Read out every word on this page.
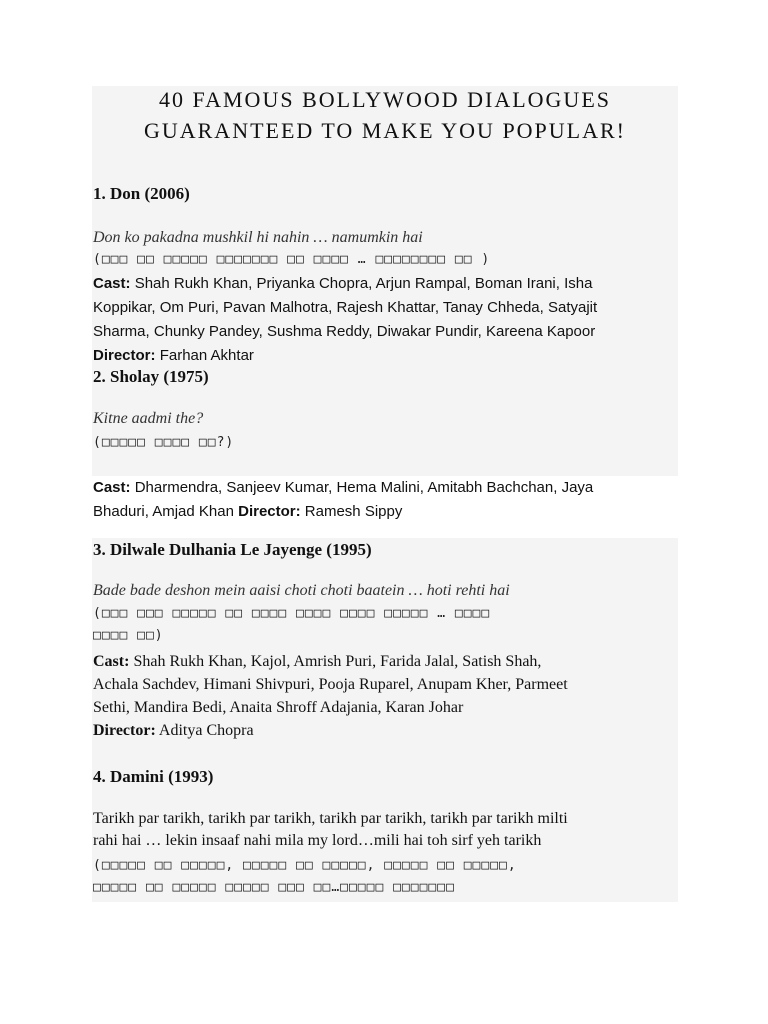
40 FAMOUS BOLLYWOOD DIALOGUES
GUARANTEED TO MAKE YOU POPULAR!
1. Don (2006)
Don ko pakadna mushkil hi nahin … namumkin hai
(□□□ □□ □□□□□ □□□□□□□ □□ □□□□ … □□□□□□□□ □□ )
Cast: Shah Rukh Khan, Priyanka Chopra, Arjun Rampal, Boman Irani, Isha
Koppikar, Om Puri, Pavan Malhotra, Rajesh Khattar, Tanay Chheda, Satyajit
Sharma, Chunky Pandey, Sushma Reddy, Diwakar Pundir, Kareena Kapoor
Director: Farhan Akhtar
2. Sholay (1975)
Kitne aadmi the?
(□□□□□ □□□□ □□?)
Cast: Dharmendra, Sanjeev Kumar, Hema Malini, Amitabh Bachchan, Jaya
Bhaduri, Amjad Khan Director: Ramesh Sippy
3. Dilwale Dulhania Le Jayenge (1995)
Bade bade deshon mein aaisi choti choti baatein … hoti rehti hai
(□□□ □□□ □□□□□ □□ □□□□ □□□□ □□□□ □□□□□ … □□□□
□□□□ □□)
Cast: Shah Rukh Khan, Kajol, Amrish Puri, Farida Jalal, Satish Shah,
Achala Sachdev, Himani Shivpuri, Pooja Ruparel, Anupam Kher, Parmeet
Sethi, Mandira Bedi, Anaita Shroff Adajania, Karan Johar
Director: Aditya Chopra
4. Damini (1993)
Tarikh par tarikh, tarikh par tarikh, tarikh par tarikh, tarikh par tarikh milti
rahi hai … lekin insaaf nahi mila my lord…mili hai toh sirf yeh tarikh
(□□□□□ □□ □□□□□, □□□□□ □□ □□□□□, □□□□□ □□ □□□□□,
□□□□□ □□ □□□□□ □□□□□ □□□ □□…□□□□□ □□□□□□□
